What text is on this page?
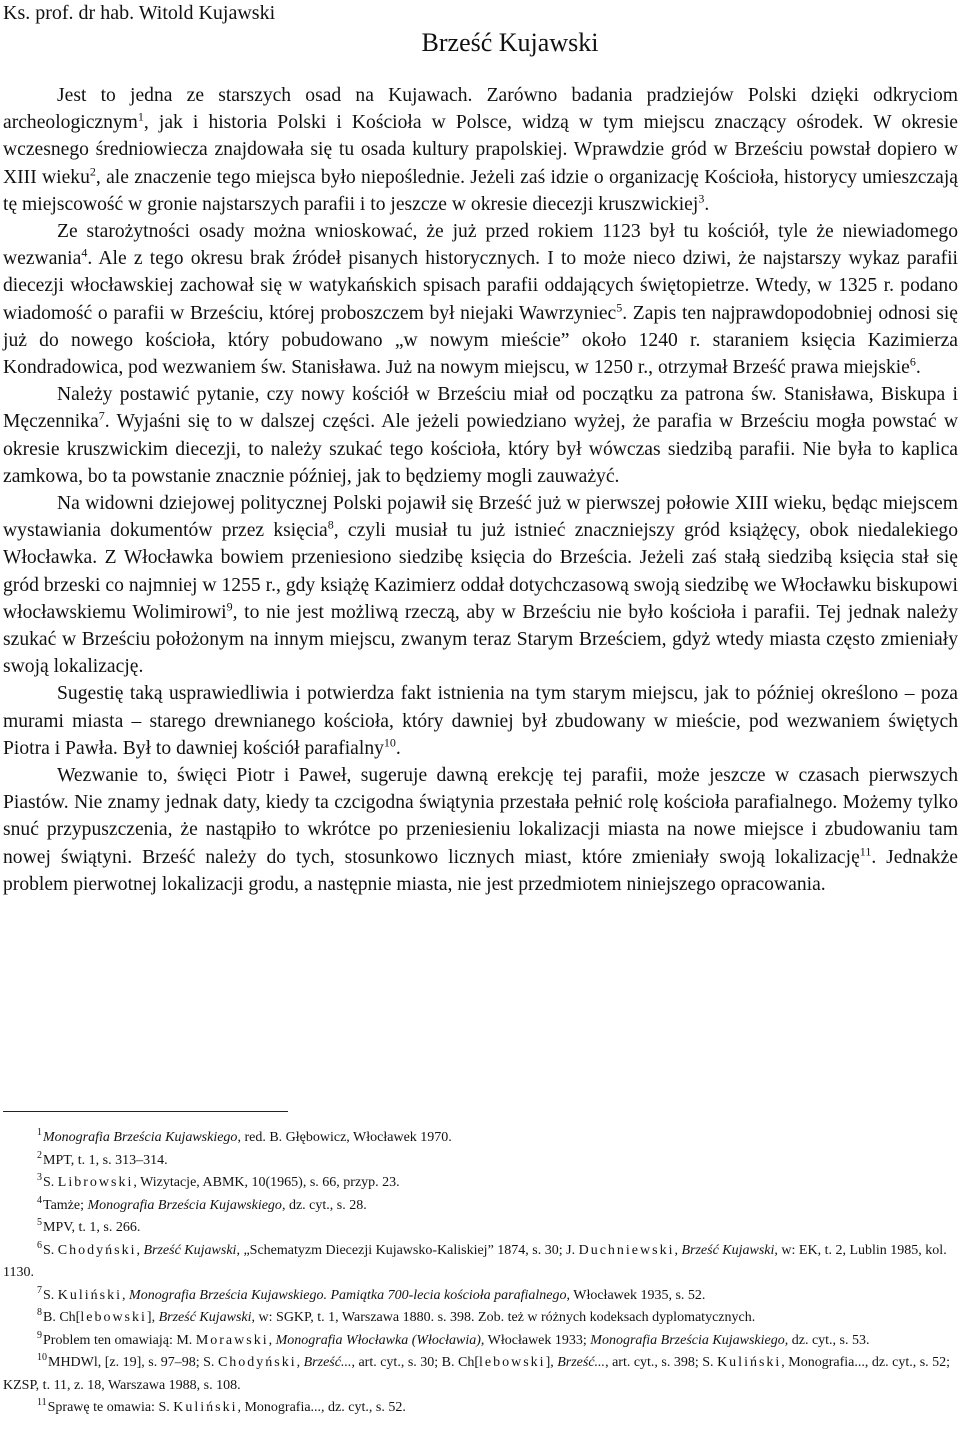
Ks. prof. dr hab. Witold Kujawski

Brześć Kujawski

Jest to jedna ze starszych osad na Kujawach. Zarówno badania pradziejów Polski dzięki odkryciom archeologicznym$^1$, jak i historia Polski i Kościoła w Polsce, widzą w tym miejscu znaczący ośrodek. W okresie wczesnego średniowiecza znajdowała się tu osada kultury prapolskiej. Wprawdzie gród w Brześciu powstał dopiero w XIII wieku$^2$, ale znaczenie tego miejsca było niepoślednie. Jeżeli zaś idzie o organizację Kościoła, historycy umieszczają tę miejscowość w gronie najstarszych parafii i to jeszcze w okresie diecezji kruszwickiej$^3$.

Ze starożytności osady można wnioskować, że już przed rokiem 1123 był tu kościół, tyle że niewiadomego wezwania$^4$. Ale z tego okresu brak źródeł pisanych historycznych. I to może nieco dziwi, że najstarszy wykaz parafii diecezji włocławskiej zachował się w watykańskich spisach parafii oddających świętopietrze. Wtedy, w 1325 r. podano wiadomość o parafii w Brześciu, której proboszczem był niejaki Wawrzyniec$^5$. Zapis ten najprawdopodobniej odnosi się już do nowego kościoła, który pobudowano „w nowym mieście” około 1240 r. staraniem księcia Kazimierza Kondradowica, pod wezwaniem św. Stanisława. Już na nowym miejscu, w 1250 r., otrzymał Brześć prawa miejskie$^6$.

Należy postawić pytanie, czy nowy kościół w Brześciu miał od początku za patrona św. Stanisława, Biskupa i Męczennika$^7$. Wyjaśni się to w dalszej części. Ale jeżeli powiedziano wyżej, że parafia w Brześciu mogła powstać w okresie kruszwickim diecezji, to należy szukać tego kościoła, który był wówczas siedzibą parafii. Nie była to kaplica zamkowa, bo ta powstanie znacznie później, jak to będziemy mogli zauważyć.

Na widowni dziejowej politycznej Polski pojawił się Brześć już w pierwszej połowie XIII wieku, będąc miejscem wystawiania dokumentów przez księcia$^8$, czyli musiał tu już istnieć znaczniejszy gród książęcy, obok niedalekiego Włocławka. Z Włocławka bowiem przeniesiono siedzibę księcia do Brześcia. Jeżeli zaś stałą siedzibą księcia stał się gród brzeski co najmniej w 1255 r., gdy książę Kazimierz oddał dotychczasową swoją siedzibę we Włocławku biskupowi włocławskiemu Wolimirowi$^9$, to nie jest możliwą rzeczą, aby w Brześciu nie było kościoła i parafii. Tej jednak należy szukać w Brześciu położonym na innym miejscu, zwanym teraz Starym Brześciem, gdyż wtedy miasta często zmieniały swoją lokalizację.

Sugestię taką usprawiedliwia i potwierdza fakt istnienia na tym starym miejscu, jak to później określono – poza murami miasta – starego drewnianego kościoła, który dawniej był zbudowany w mieście, pod wezwaniem świętych Piotra i Pawła. Był to dawniej kościół parafialny$^{10}$.

Wezwanie to, święci Piotr i Paweł, sugeruje dawną erekcję tej parafii, może jeszcze w czasach pierwszych Piastów. Nie znamy jednak daty, kiedy ta czcigodna świątynia przestała pełnić rolę kościoła parafialnego. Możemy tylko snuć przypuszczenia, że nastąpiło to wkrótce po przeniesieniu lokalizacji miasta na nowe miejsce i zbudowaniu tam nowej świątyni. Brześć należy do tych, stosunkowo licznych miast, które zmieniały swoją lokalizację$^{11}$. Jednakże problem pierwotnej lokalizacji grodu, a następnie miasta, nie jest przedmiotem niniejszego opracowania.

$^1$Monografia Brześcia Kujawskiego, red. B. Głębowicz, Włocławek 1970.

$^2$MPT, t. 1, s. 313–314.

$^3$S. Librowski, Wizytacje, ABMK, 10(1965), s. 66, przyp. 23.

$^4$Tamże; Monografia Brześcia Kujawskiego, dz. cyt., s. 28.

$^5$MPV, t. 1, s. 266.

$^6$S. Chodyński, Brześć Kujawski, „Schematyzm Diecezji Kujawsko-Kaliskiej” 1874, s. 30; J. Duchniewski, Brześć Kujawski, w: EK, t. 2, Lublin 1985, kol. 1130.

$^7$S. Kuliński, Monografia Brześcia Kujawskiego. Pamiątka 700-lecia kościoła parafialnego, Włocławek 1935, s. 52.

$^8$B. Ch[lebowski], Brześć Kujawski, w: SGKP, t. 1, Warszawa 1880. s. 398. Zob. też w różnych kodeksach dyplomatycznych.

$^9$Problem ten omawiają: M. Morawski, Monografia Włocławka (Włocławia), Włocławek 1933; Monografia Brześcia Kujawskiego, dz. cyt., s. 53.

$^{10}$MHDWl, [z. 19], s. 97–98; S. Chodyński, Brześć..., art. cyt., s. 30; B. Ch[lebowski], Brześć..., art. cyt., s. 398; S. Kuliński, Monografia..., dz. cyt., s. 52; KZSP, t. 11, z. 18, Warszawa 1988, s. 108.

$^{11}$Sprawę te omawia: S. Kuliński, Monografia..., dz. cyt., s. 52.
